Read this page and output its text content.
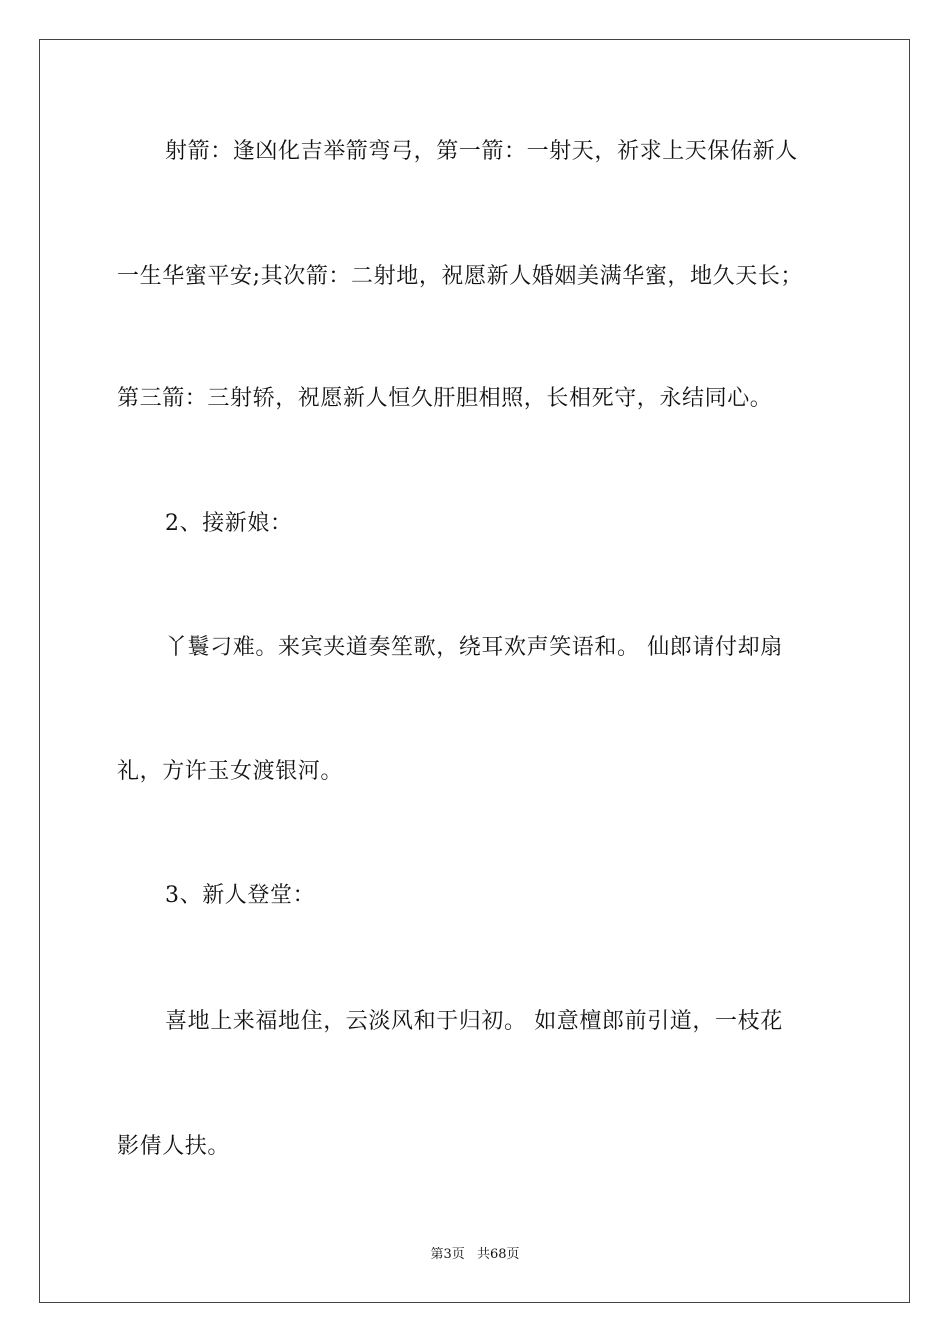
射箭：逢凶化吉举箭弯弓，第一箭：一射天，祈求上天保佑新人
一生华蜜平安;其次箭：二射地，祝愿新人婚姻美满华蜜，地久天长；
第三箭：三射轿，祝愿新人恒久肝胆相照，长相死守，永结同心。
2、接新娘：
丫鬟刁难。来宾夹道奏笙歌，绕耳欢声笑语和。 仙郎请付却扇
礼，方许玉女渡银河。
3、新人登堂：
喜地上来福地住，云淡风和于归初。 如意檀郎前引道，一枝花
影倩人扶。
第3页 共68页
